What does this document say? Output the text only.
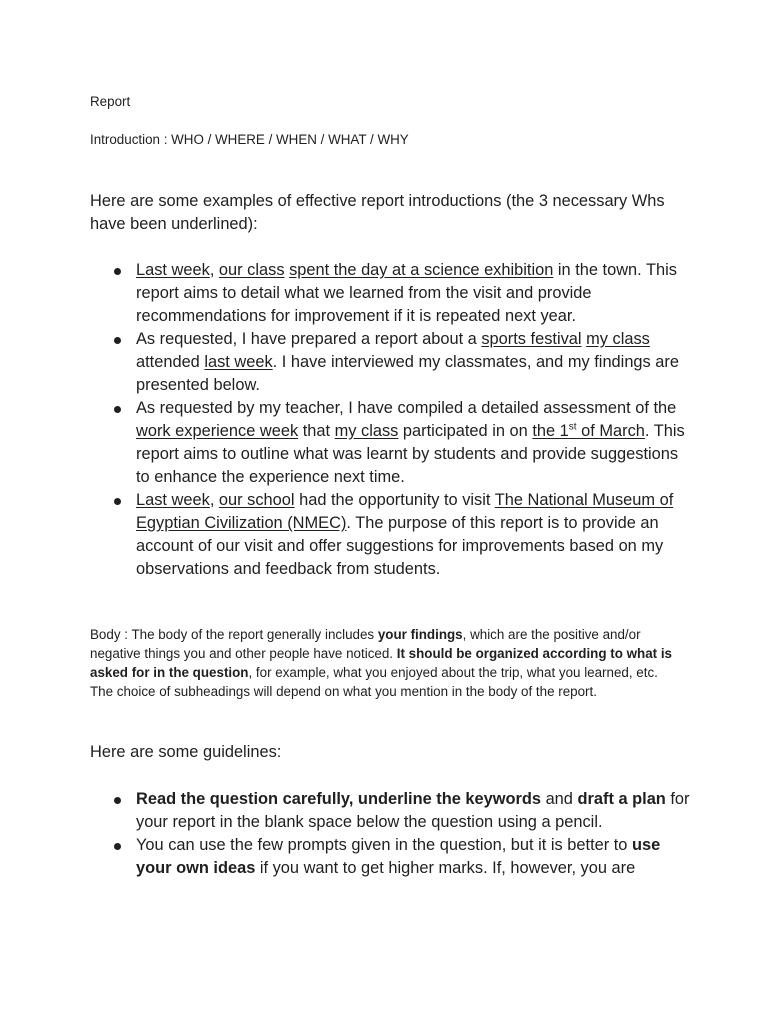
Report
Introduction : WHO / WHERE / WHEN / WHAT / WHY

Here are some examples of effective report introductions (the 3 necessary Whs have been underlined):

Last week, our class spent the day at a science exhibition in the town. This report aims to detail what we learned from the visit and provide recommendations for improvement if it is repeated next year.
As requested, I have prepared a report about a sports festival my class attended last week. I have interviewed my classmates, and my findings are presented below.
As requested by my teacher, I have compiled a detailed assessment of the work experience week that my class participated in on the 1st of March. This report aims to outline what was learnt by students and provide suggestions to enhance the experience next time.
Last week, our school had the opportunity to visit The National Museum of Egyptian Civilization (NMEC). The purpose of this report is to provide an account of our visit and offer suggestions for improvements based on my observations and feedback from students.

Body : The body of the report generally includes your findings, which are the positive and/or negative things you and other people have noticed. It should be organized according to what is asked for in the question, for example, what you enjoyed about the trip, what you learned, etc. The choice of subheadings will depend on what you mention in the body of the report.

Here are some guidelines:

Read the question carefully, underline the keywords and draft a plan for your report in the blank space below the question using a pencil.
You can use the few prompts given in the question, but it is better to use your own ideas if you want to get higher marks. If, however, you are
